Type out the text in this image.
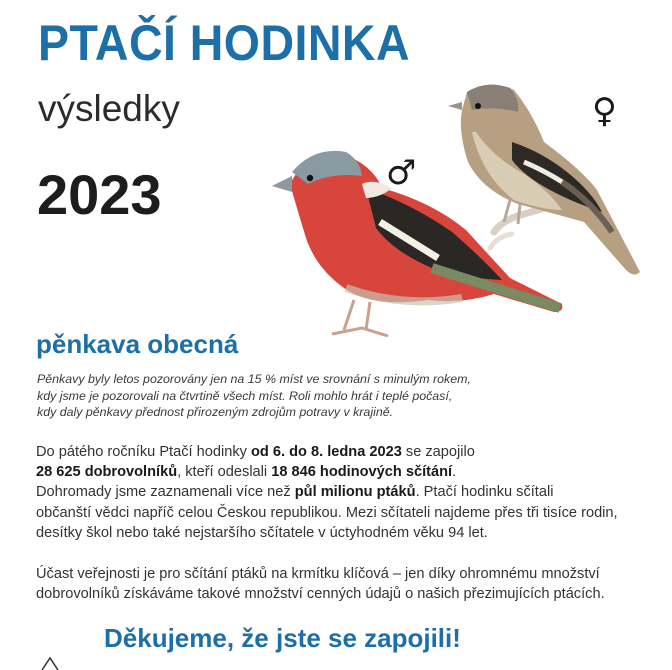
PTAČÍ HODINKA
výsledky
2023	♂
♀
pěnkava obecná
Pěnkavy byly letos pozorovány jen na 15 % míst ve srovnání s minulým rokem,
kdy jsme je pozorovali na čtvrtině všech míst. Roli mohlo hrát i teplé počasí,
kdy daly pěnkavy přednost přirozeným zdrojům potravy v krajině.
Do pátého ročníku Ptačí hodinky od 6. do 8. ledna 2023 se zapojilo
28 625 dobrovolníků, kteří odeslali 18 846 hodinových sčítání.
Dohromady jsme zaznamenali více než půl milionu ptáků. Ptačí hodinku sčítali
občanští vědci napříč celou Českou republikou. Mezi sčítateli najdeme přes tři tisíce rodin,
desítky škol nebo také nejstaršího sčítatele v úctyhodném věku 94 let.
Účast veřejnosti je pro sčítání ptáků na krmítku klíčová – jen díky ohromnému množství
dobrovolníků získáváme takové množství cenných údajů o našich přezimujících ptácích.
Děkujeme, že jste se zapojili!
